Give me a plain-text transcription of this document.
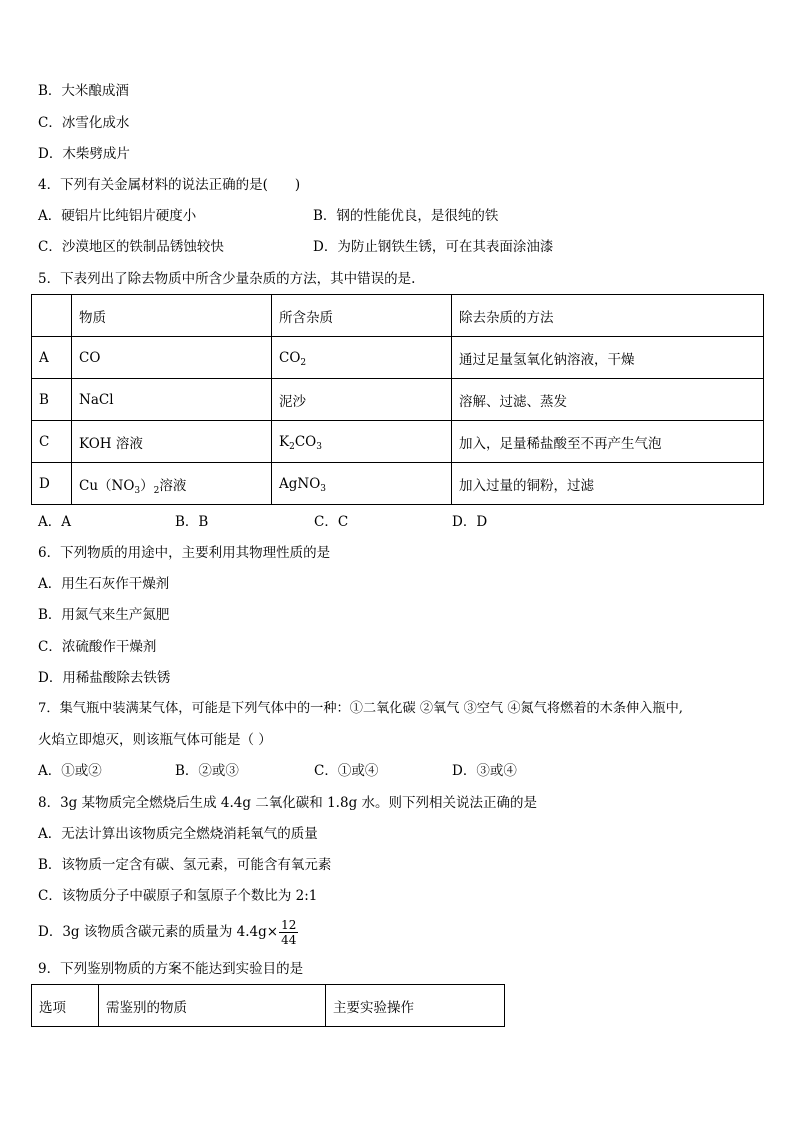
B．大米酿成酒
C．冰雪化成水
D．木柴劈成片
4．下列有关金属材料的说法正确的是(　　)
A．硬铝片比纯铝片硬度小	B．钢的性能优良，是很纯的铁
C．沙漠地区的铁制品锈蚀较快	D．为防止钢铁生锈，可在其表面涂油漆
5．下表列出了除去物质中所含少量杂质的方法，其中错误的是.
	物质	所含杂质	除去杂质的方法
A	CO	$CO_2$	通过足量氢氧化钠溶液，干燥
B	NaCl	泥沙	溶解、过滤、蒸发
C	KOH 溶液	$K_2CO_3$	加入，足量稀盐酸至不再产生气泡
D	$Cu(NO_3)_2$溶液	AgNO$_3$	加入过量的铜粉，过滤
A．A	B．B	C．C	D．D
6．下列物质的用途中，主要利用其物理性质的是
A．用生石灰作干燥剂
B．用氮气来生产氮肥
C．浓硫酸作干燥剂
D．用稀盐酸除去铁锈
7．集气瓶中装满某气体，可能是下列气体中的一种：①二氧化碳 ②氧气 ③空气 ④氮气将燃着的木条伸入瓶中,
火焰立即熄灭，则该瓶气体可能是（ ）
A．①或②	B．②或③	C．①或④	D．③或④
8．3g 某物质完全燃烧后生成 4.4g 二氧化碳和 1.8g 水。则下列相关说法正确的是
A．无法计算出该物质完全燃烧消耗氧气的质量
B．该物质一定含有碳、氢元素，可能含有氧元素
C．该物质分子中碳原子和氢原子个数比为 2:1
D．3g 该物质含碳元素的质量为 $4.4g\times \frac{12}{44}$
9．下列鉴别物质的方案不能达到实验目的是
选项	需鉴别的物质	主要实验操作
